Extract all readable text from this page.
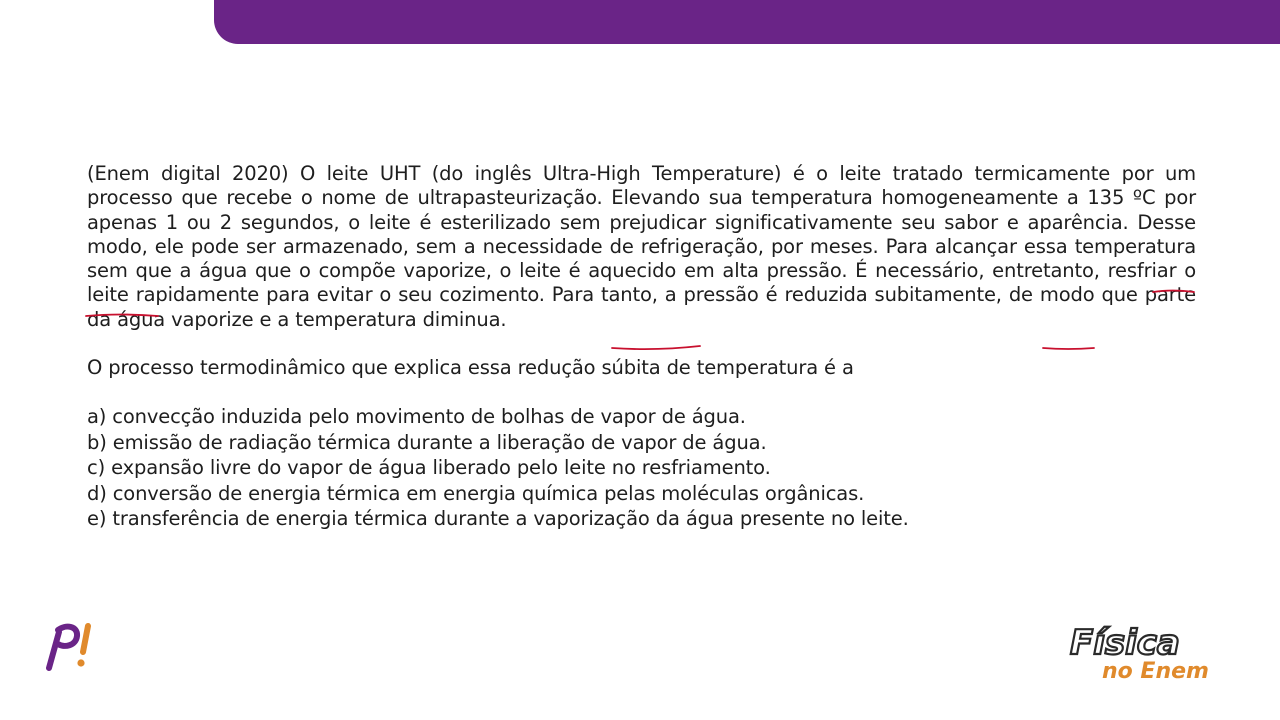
(Enem digital 2020) O leite UHT (do inglês Ultra-High Temperature) é o leite tratado termicamente por um processo que recebe o nome de ultrapasteurização. Elevando sua temperatura homogeneamente a 135 ºC por apenas 1 ou 2 segundos, o leite é esterilizado sem prejudicar significativamente seu sabor e aparência. Desse modo, ele pode ser armazenado, sem a necessidade de refrigeração, por meses. Para alcançar essa temperatura sem que a água que o compõe vaporize, o leite é aquecido em alta pressão. É necessário, entretanto, resfriar o leite rapidamente para evitar o seu cozimento. Para tanto, a pressão é reduzida subitamente, de modo que parte da água vaporize e a temperatura diminua.

O processo termodinâmico que explica essa redução súbita de temperatura é a

a) convecção induzida pelo movimento de bolhas de vapor de água.
b) emissão de radiação térmica durante a liberação de vapor de água.
c) expansão livre do vapor de água liberado pelo leite no resfriamento.
d) conversão de energia térmica em energia química pelas moléculas orgânicas.
e) transferência de energia térmica durante a vaporização da água presente no leite.
Física
no Enem
